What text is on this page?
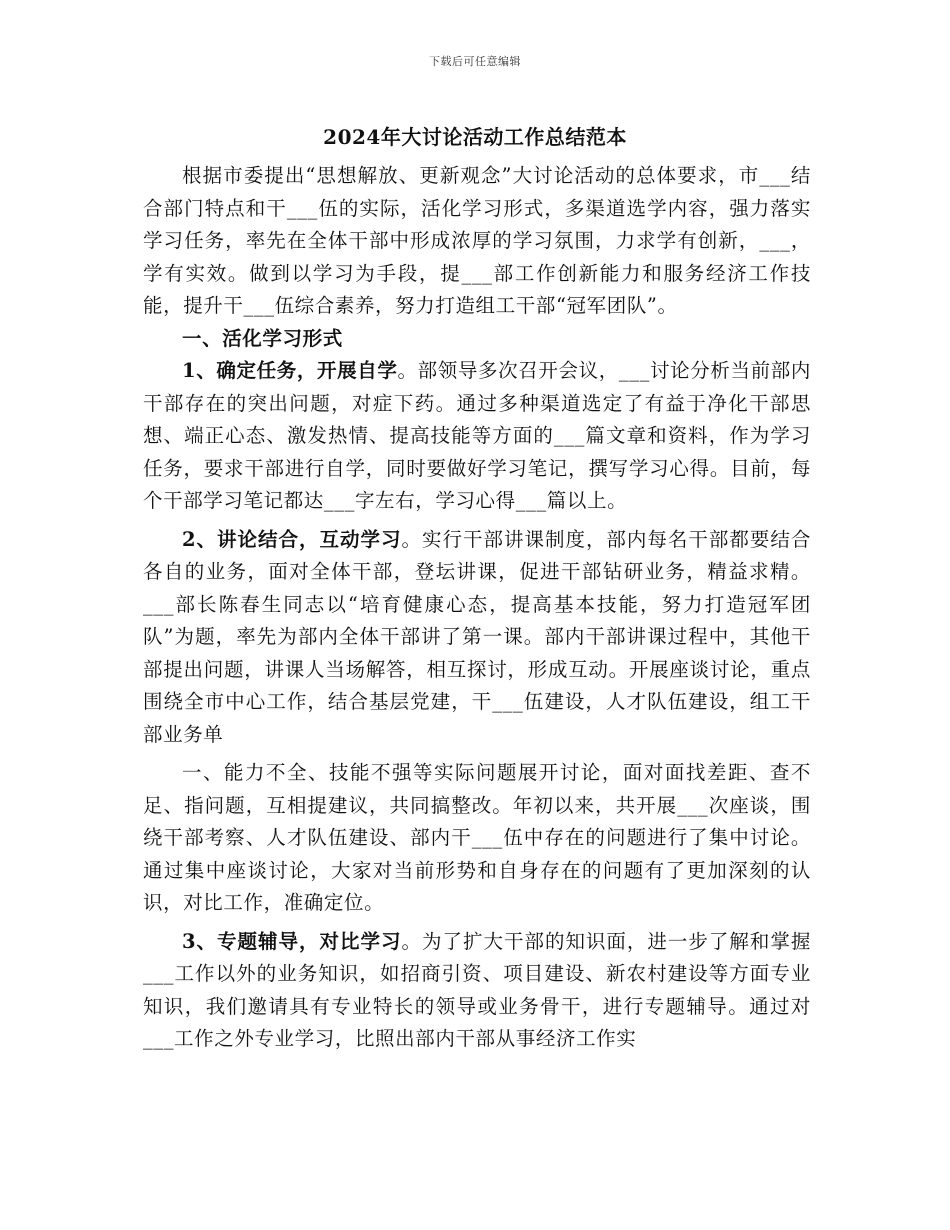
下载后可任意编辑
2024年大讨论活动工作总结范本

根据市委提出“思想解放、更新观念”大讨论活动的总体要求，市___结合部门特点和干___伍的实际，活化学习形式，多渠道选学内容，强力落实学习任务，率先在全体干部中形成浓厚的学习氛围，力求学有创新，___，学有实效。做到以学习为手段，提___部工作创新能力和服务经济工作技能，提升干___伍综合素养，努力打造组工干部“冠军团队”。

一、活化学习形式

1、确定任务，开展自学。部领导多次召开会议，___讨论分析当前部内干部存在的突出问题，对症下药。通过多种渠道选定了有益于净化干部思想、端正心态、激发热情、提高技能等方面的___篇文章和资料，作为学习任务，要求干部进行自学，同时要做好学习笔记，撰写学习心得。目前，每个干部学习笔记都达___字左右，学习心得___篇以上。

2、讲论结合，互动学习。实行干部讲课制度，部内每名干部都要结合各自的业务，面对全体干部，登坛讲课，促进干部钻研业务，精益求精。___部长陈春生同志以“培育健康心态，提高基本技能，努力打造冠军团队”为题，率先为部内全体干部讲了第一课。部内干部讲课过程中，其他干部提出问题，讲课人当场解答，相互探讨，形成互动。开展座谈讨论，重点围绕全市中心工作，结合基层党建，干___伍建设，人才队伍建设，组工干部业务单

一、能力不全、技能不强等实际问题展开讨论，面对面找差距、查不足、指问题，互相提建议，共同搞整改。年初以来，共开展___次座谈，围绕干部考察、人才队伍建设、部内干___伍中存在的问题进行了集中讨论。通过集中座谈讨论，大家对当前形势和自身存在的问题有了更加深刻的认识，对比工作，准确定位。

3、专题辅导，对比学习。为了扩大干部的知识面，进一步了解和掌握___工作以外的业务知识，如招商引资、项目建设、新农村建设等方面专业知识，我们邀请具有专业特长的领导或业务骨干，进行专题辅导。通过对___工作之外专业学习，比照出部内干部从事经济工作实
